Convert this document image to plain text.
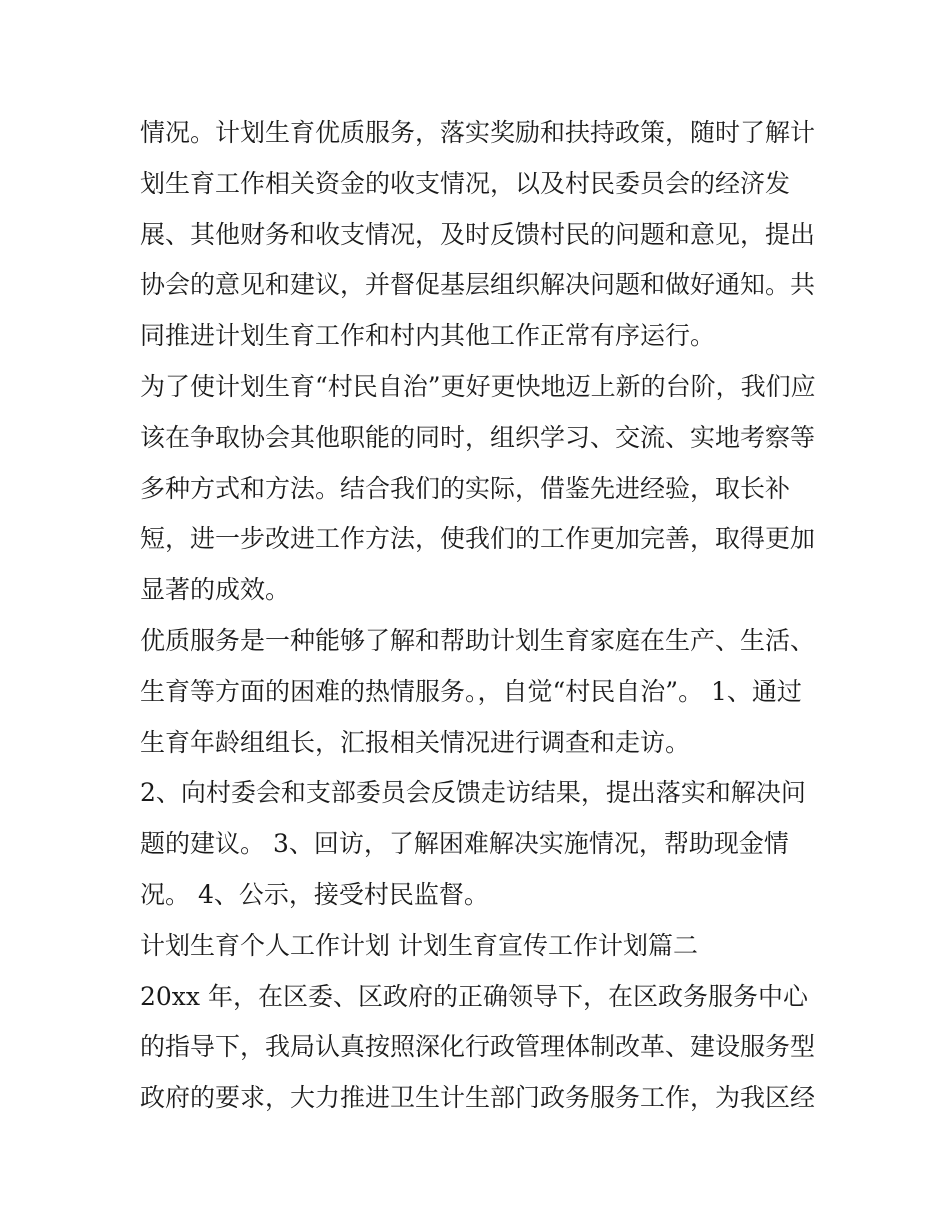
情况。计划生育优质服务，落实奖励和扶持政策，随时了解计

划生育工作相关资金的收支情况，以及村民委员会的经济发

展、其他财务和收支情况，及时反馈村民的问题和意见，提出

协会的意见和建议，并督促基层组织解决问题和做好通知。共

同推进计划生育工作和村内其他工作正常有序运行。

为了使计划生育“村民自治”更好更快地迈上新的台阶，我们应

该在争取协会其他职能的同时，组织学习、交流、实地考察等

多种方式和方法。结合我们的实际，借鉴先进经验，取长补

短，进一步改进工作方法，使我们的工作更加完善，取得更加

显著的成效。

优质服务是一种能够了解和帮助计划生育家庭在生产、生活、

生育等方面的困难的热情服务。，自觉“村民自治”。 1、通过

生育年龄组组长，汇报相关情况进行调查和走访。

2、向村委会和支部委员会反馈走访结果，提出落实和解决问

题的建议。 3、回访，了解困难解决实施情况，帮助现金情

况。 4、公示，接受村民监督。

计划生育个人工作计划 计划生育宣传工作计划篇二

20xx 年，在区委、区政府的正确领导下，在区政务服务中心

的指导下，我局认真按照深化行政管理体制改革、建设服务型

政府的要求，大力推进卫生计生部门政务服务工作，为我区经
